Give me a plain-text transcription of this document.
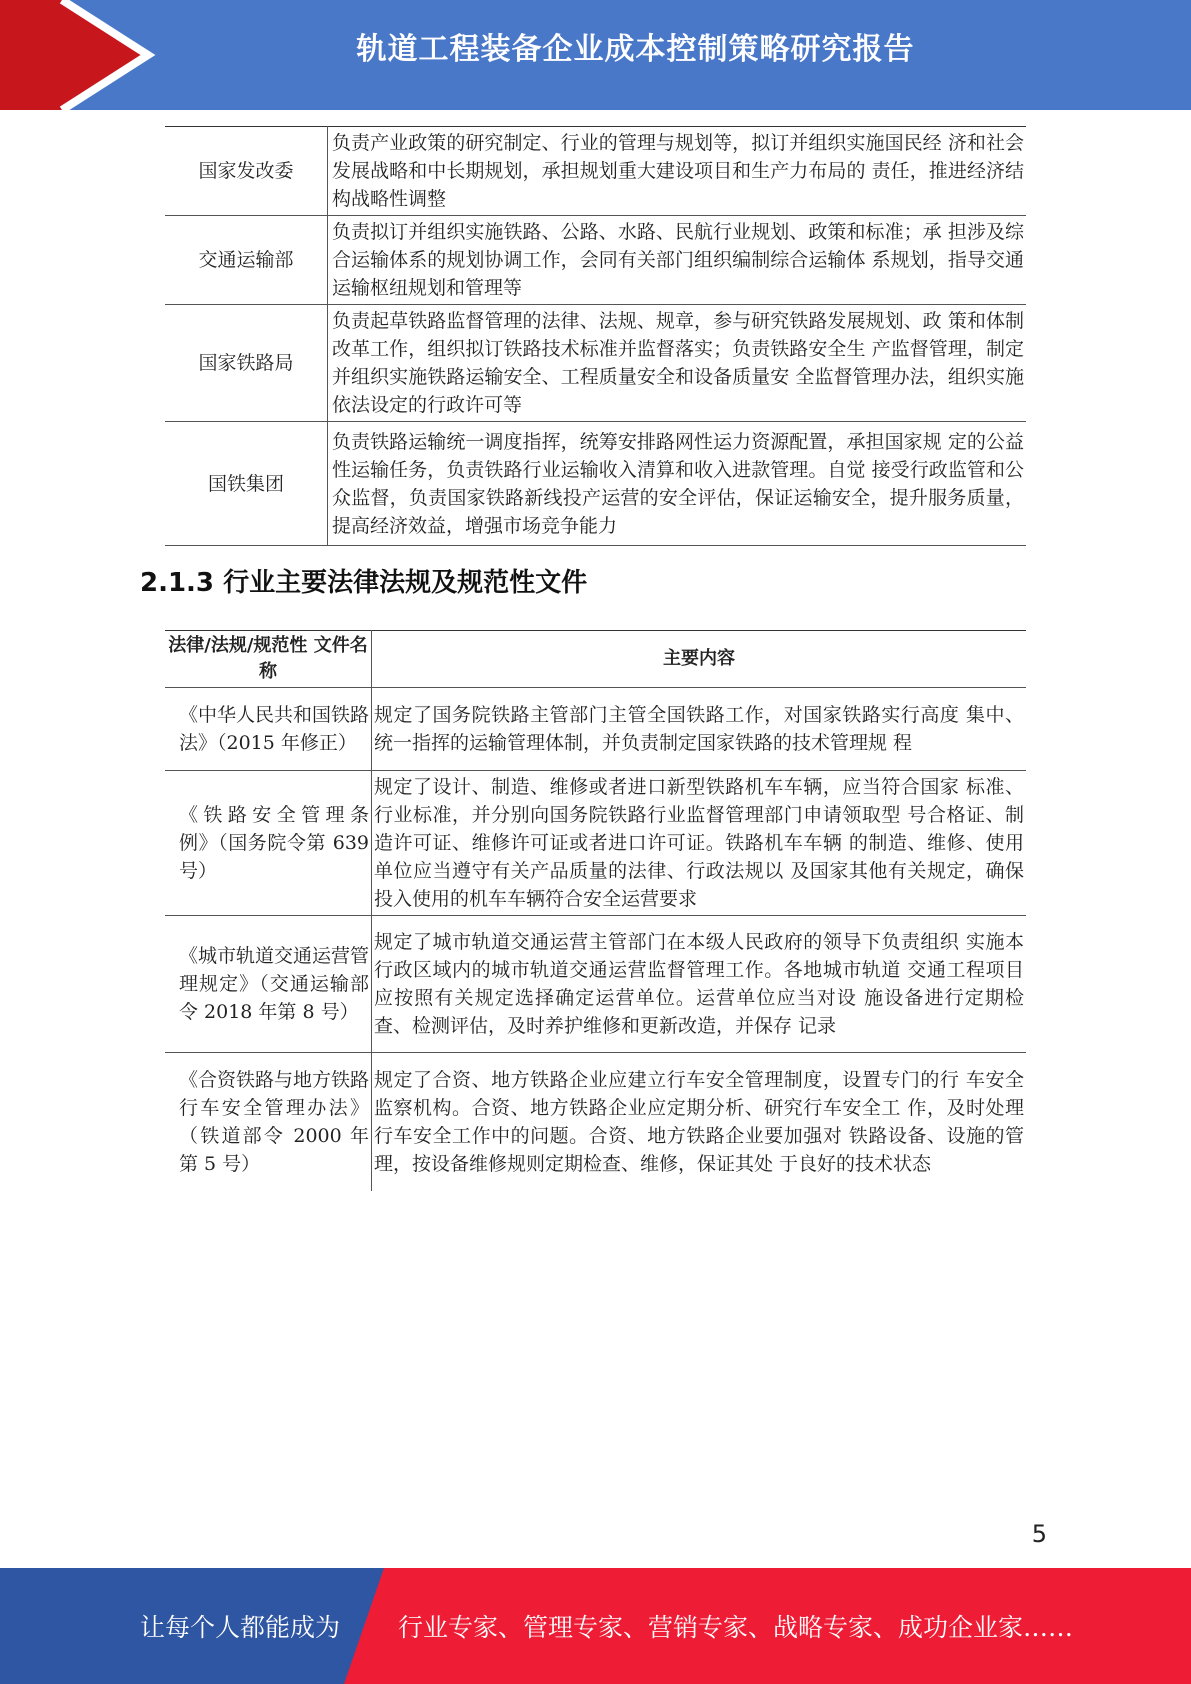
轨道工程装备企业成本控制策略研究报告
国家发改委	负责产业政策的研究制定、行业的管理与规划等，拟订并组织实施国民经 济和社会发展战略和中长期规划，承担规划重大建设项目和生产力布局的 责任，推进经济结构战略性调整
交通运输部	负责拟订并组织实施铁路、公路、水路、民航行业规划、政策和标准；承 担涉及综合运输体系的规划协调工作，会同有关部门组织编制综合运输体 系规划，指导交通运输枢纽规划和管理等
国家铁路局	负责起草铁路监督管理的法律、法规、规章，参与研究铁路发展规划、政 策和体制改革工作，组织拟订铁路技术标准并监督落实；负责铁路安全生 产监督管理，制定并组织实施铁路运输安全、工程质量安全和设备质量安 全监督管理办法，组织实施依法设定的行政许可等
国铁集团	负责铁路运输统一调度指挥，统筹安排路网性运力资源配置，承担国家规 定的公益性运输任务，负责铁路行业运输收入清算和收入进款管理。自觉 接受行政监管和公众监督，负责国家铁路新线投产运营的安全评估，保证运输安全，提升服务质量，提高经济效益，增强市场竞争能力
2.1.3 行业主要法律法规及规范性文件
法律/法规/规范性 文件名称	主要内容
《中华人民共和国铁路法》（2015 年修正）	规定了国务院铁路主管部门主管全国铁路工作，对国家铁路实行高度 集中、统一指挥的运输管理体制，并负责制定国家铁路的技术管理规 程
《铁路安全管理条例》（国务院令第 639 号）	规定了设计、制造、维修或者进口新型铁路机车车辆，应当符合国家 标准、行业标准，并分别向国务院铁路行业监督管理部门申请领取型 号合格证、制造许可证、维修许可证或者进口许可证。铁路机车车辆 的制造、维修、使用单位应当遵守有关产品质量的法律、行政法规以 及国家其他有关规定，确保投入使用的机车车辆符合安全运营要求
《城市轨道交通运营管理规定》（交通运输部令 2018 年第 8 号）	规定了城市轨道交通运营主管部门在本级人民政府的领导下负责组织 实施本行政区域内的城市轨道交通运营监督管理工作。各地城市轨道 交通工程项目应按照有关规定选择确定运营单位。运营单位应当对设 施设备进行定期检查、检测评估，及时养护维修和更新改造，并保存 记录
《合资铁路与地方铁路行车安全管理办法》（铁道部令 2000 年第 5 号）	规定了合资、地方铁路企业应建立行车安全管理制度，设置专门的行 车安全监察机构。合资、地方铁路企业应定期分析、研究行车安全工 作，及时处理行车安全工作中的问题。合资、地方铁路企业要加强对 铁路设备、设施的管理，按设备维修规则定期检查、维修，保证其处 于良好的技术状态
5
让每个人都能成为 行业专家、管理专家、营销专家、战略专家、成功企业家……
